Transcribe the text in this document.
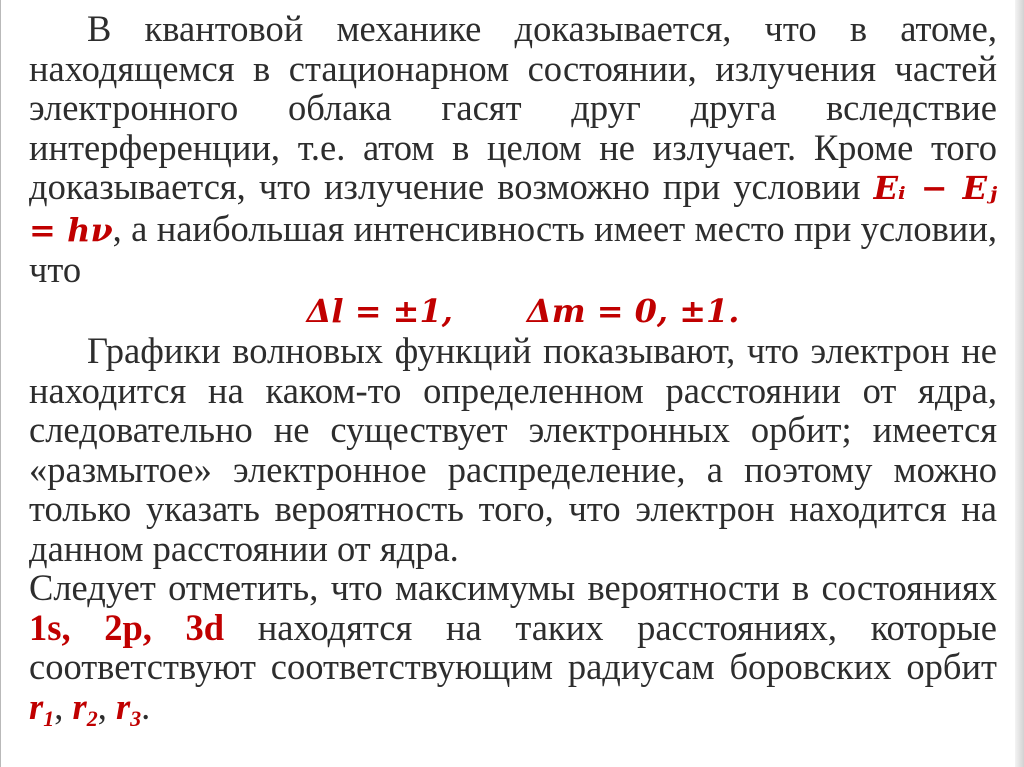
В квантовой механике доказывается, что в атоме, находящемся в стационарном состоянии, излучения частей электронного облака гасят друг друга вследствие интерференции, т.е. атом в целом не излучает. Кроме того доказывается, что излучение возможно при условии Eᵢ − Eⱼ = hν, а наибольшая интенсивность имеет место при условии, что

Δl = ±1, Δm = 0, ±1.

Графики волновых функций показывают, что электрон не находится на каком-то определенном расстоянии от ядра, следовательно не существует электронных орбит; имеется «размытое» электронное распределение, а поэтому можно только указать вероятность того, что электрон находится на данном расстоянии от ядра.

Следует отметить, что максимумы вероятности в состояниях 1s, 2p, 3d находятся на таких расстояниях, которые соответствуют соответствующим радиусам боровских орбит $r_1$, $r_2$, $r_3$.
